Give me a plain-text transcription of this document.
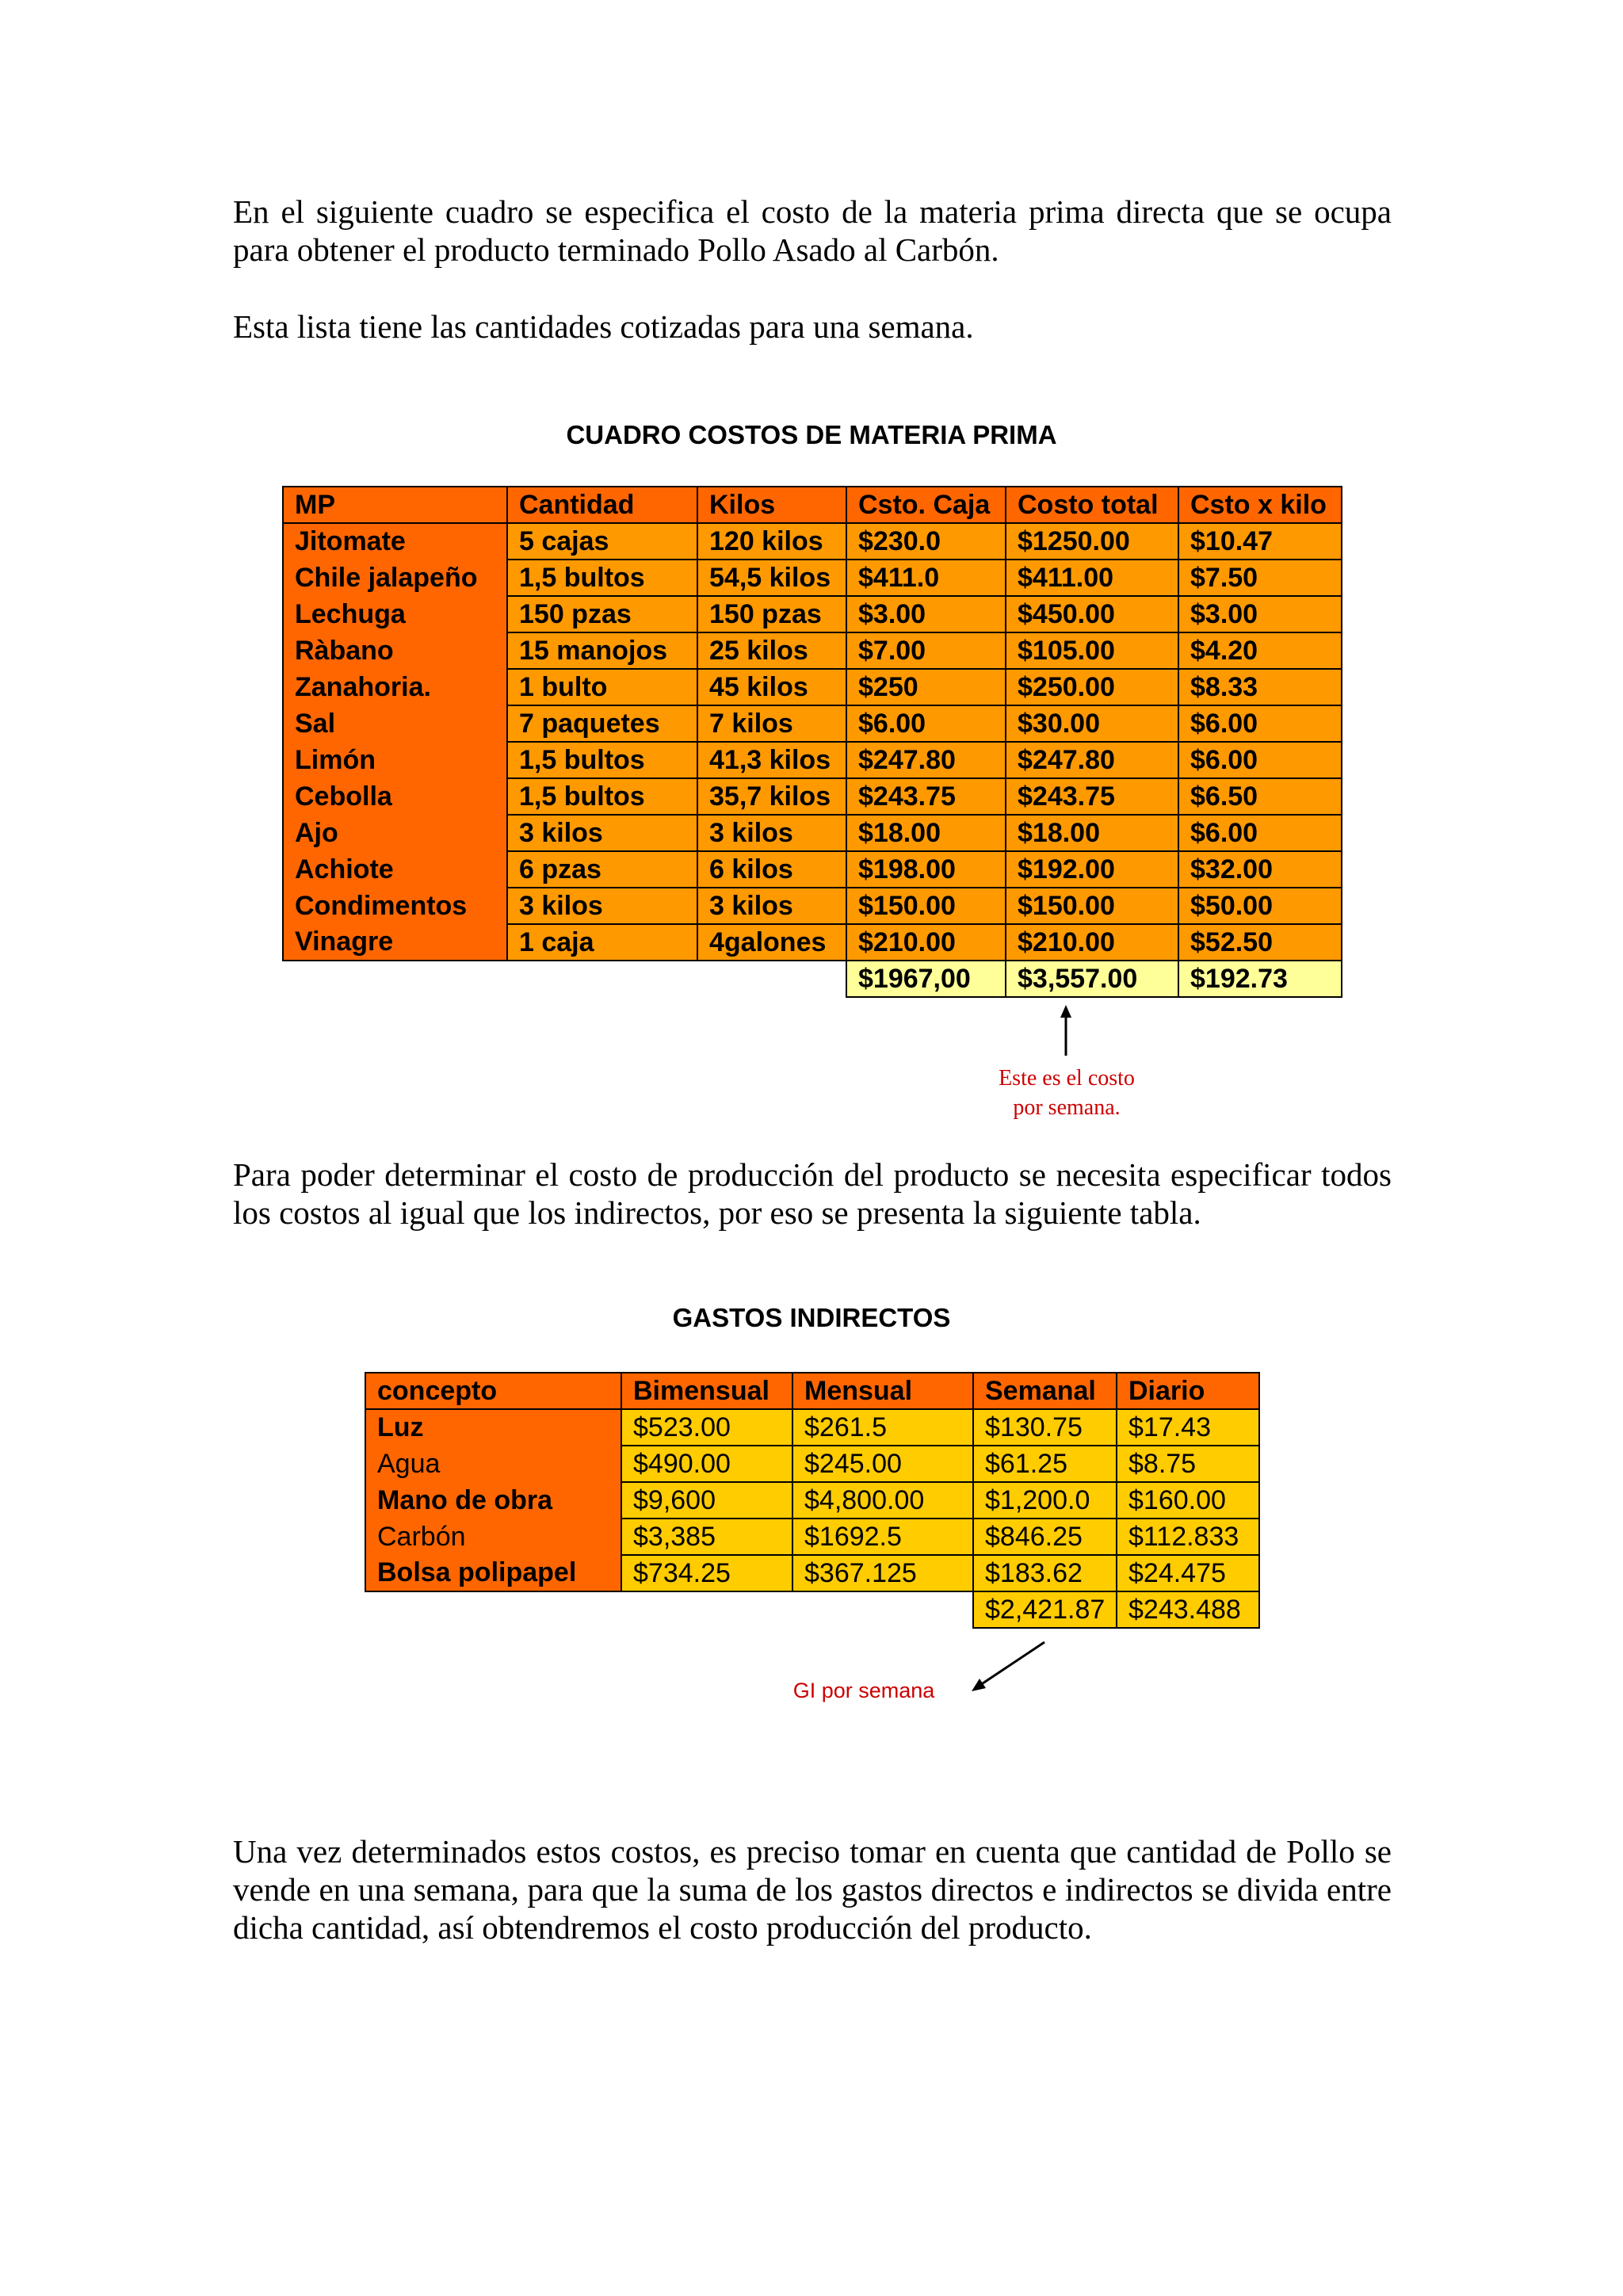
En el siguiente cuadro se especifica el costo de la materia prima directa que se ocupa para obtener el producto terminado Pollo Asado al Carbón.

Esta lista tiene las cantidades cotizadas para una semana.

CUADRO COSTOS DE MATERIA PRIMA
MP	Cantidad	Kilos	Csto. Caja	Costo total	Csto x kilo
Jitomate	5 cajas	120 kilos	$230.0	$1250.00	$10.47
Chile jalapeño	1,5 bultos	54,5 kilos	$411.0	$411.00	$7.50
Lechuga	150 pzas	150 pzas	$3.00	$450.00	$3.00
Ràbano	15 manojos	25 kilos	$7.00	$105.00	$4.20
Zanahoria.	1 bulto	45 kilos	$250	$250.00	$8.33
Sal	7 paquetes	7 kilos	$6.00	$30.00	$6.00
Limón	1,5 bultos	41,3 kilos	$247.80	$247.80	$6.00
Cebolla	1,5 bultos	35,7 kilos	$243.75	$243.75	$6.50
Ajo	3 kilos	3 kilos	$18.00	$18.00	$6.00
Achiote	6 pzas	6 kilos	$198.00	$192.00	$32.00
Condimentos	3 kilos	3 kilos	$150.00	$150.00	$50.00
Vinagre	1 caja	4galones	$210.00	$210.00	$52.50
			$1967,00	$3,557.00	$192.73
Este es el costo
por semana.

Para poder determinar el costo de producción del producto se necesita especificar todos los costos al igual que los indirectos, por eso se presenta la siguiente tabla.

GASTOS INDIRECTOS
concepto	Bimensual	Mensual	Semanal	Diario
Luz	$523.00	$261.5	$130.75	$17.43
Agua	$490.00	$245.00	$61.25	$8.75
Mano de obra	$9,600	$4,800.00	$1,200.0	$160.00
Carbón	$3,385	$1692.5	$846.25	$112.833
Bolsa polipapel	$734.25	$367.125	$183.62	$24.475
			$2,421.87	$243.488
GI por semana

Una vez determinados estos costos, es preciso tomar en cuenta que cantidad de Pollo se vende en una semana, para que la suma de los gastos directos e indirectos se divida entre dicha cantidad, así obtendremos el costo producción del producto.
